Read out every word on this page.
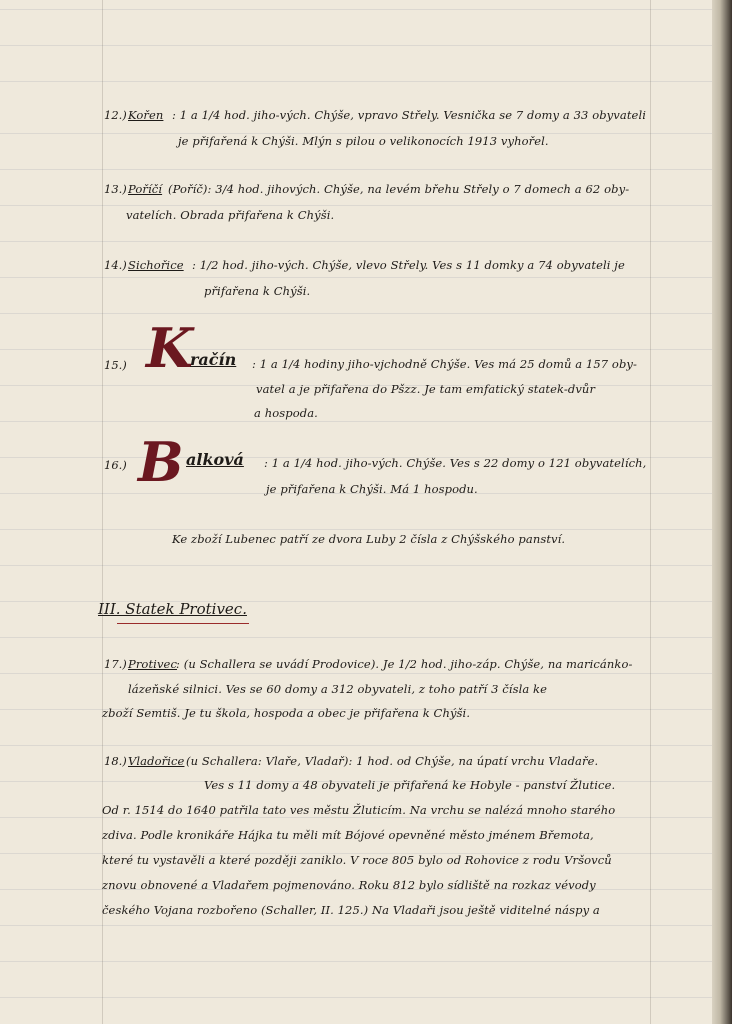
12.) Kořen : 1 a 1/4 hod. jiho-vých. Chýše, vpravo Střely. Vesnička se 7 domy a 33 obyvateli
je přifařená k Chýši. Mlýn s pilou o velikonocích 1913 vyhořel.
13.) Poříčí (Poříč): 3/4 hod. jihových. Chýše, na levém břehu Střely o 7 domech a 62 oby-
vatelích. Obrada přifařena k Chýši.
14.) Sichořice : 1/2 hod. jiho-vých. Chýše, vlevo Střely. Ves s 11 domky a 74 obyvateli je
přifařena k Chýši.
15.) K
račín : 1 a 1/4 hodiny jiho-vjchodně Chýše. Ves má 25 domů a 157 oby-
vatel a je přifařena do Pšzz. Je tam emfatický statek-dvůr
a hospoda.
16.) B alková : 1 a 1/4 hod. jiho-vých. Chýše. Ves s 22 domy o 121 obyvatelích,
je přifařena k Chýši. Má 1 hospodu.
Ke zboží Lubenec patří ze dvora Luby 2 čísla z Chýšského panství.
III. Statek Protivec.
17.) Protivec
: (u Schallera se uvádí Prodovice). Je 1/2 hod. jiho-záp. Chýše, na maricánko-
lázeňské silnici. Ves se 60 domy a 312 obyvateli, z toho patří 3 čísla ke
zboží Semtiš. Je tu škola, hospoda a obec je přifařena k Chýši.
18.) Vladořice (u Schallera: Vlaře, Vladař): 1 hod. od Chýše, na úpatí vrchu Vladaře.
Ves s 11 domy a 48 obyvateli je přifařená ke Hobyle - panství Žlutice.
Od r. 1514 do 1640 patřila tato ves městu Žluticím. Na vrchu se nalézá mnoho starého
zdiva. Podle kronikáře Hájka tu měli mít Bójové opevněné město jménem Břemota,
které tu vystavěli a které později zaniklo. V roce 805 bylo od Rohovice z rodu Vršovců
znovu obnovené a Vladařem pojmenováno. Roku 812 bylo sídliště na rozkaz vévody
českého Vojana rozbořeno (Schaller, II. 125.) Na Vladaři jsou ještě viditelné náspy a
